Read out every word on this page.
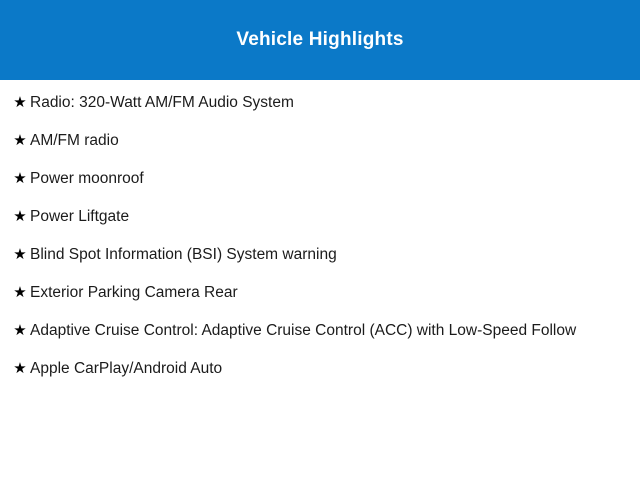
Vehicle Highlights
★ Radio: 320-Watt AM/FM Audio System
★ AM/FM radio
★ Power moonroof
★ Power Liftgate
★ Blind Spot Information (BSI) System warning
★ Exterior Parking Camera Rear
★ Adaptive Cruise Control: Adaptive Cruise Control (ACC) with Low-Speed Follow
★ Apple CarPlay/Android Auto
